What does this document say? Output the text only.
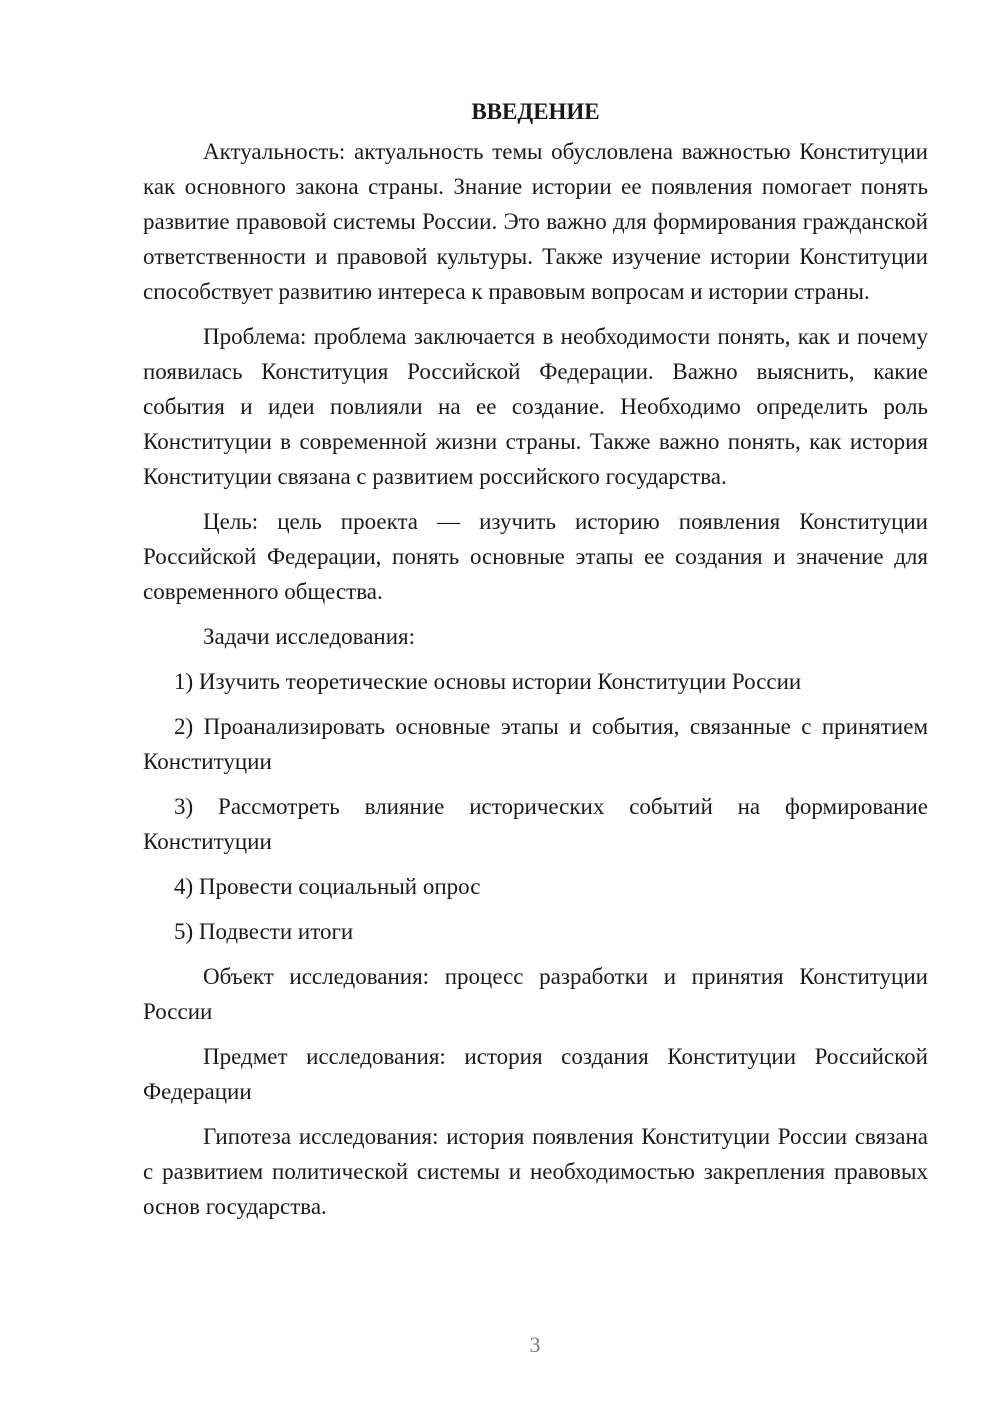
ВВЕДЕНИЕ

Актуальность: актуальность темы обусловлена важностью Конституции как основного закона страны. Знание истории ее появления помогает понять развитие правовой системы России. Это важно для формирования гражданской ответственности и правовой культуры. Также изучение истории Конституции способствует развитию интереса к правовым вопросам и истории страны.

Проблема: проблема заключается в необходимости понять, как и почему появилась Конституция Российской Федерации. Важно выяснить, какие события и идеи повлияли на ее создание. Необходимо определить роль Конституции в современной жизни страны. Также важно понять, как история Конституции связана с развитием российского государства.

Цель: цель проекта — изучить историю появления Конституции Российской Федерации, понять основные этапы ее создания и значение для современного общества.

Задачи исследования:

1) Изучить теоретические основы истории Конституции России

2) Проанализировать основные этапы и события, связанные с принятием Конституции

3) Рассмотреть влияние исторических событий на формирование Конституции

4) Провести социальный опрос

5) Подвести итоги

Объект исследования: процесс разработки и принятия Конституции России

Предмет исследования: история создания Конституции Российской Федерации

Гипотеза исследования: история появления Конституции России связана с развитием политической системы и необходимостью закрепления правовых основ государства.

3
